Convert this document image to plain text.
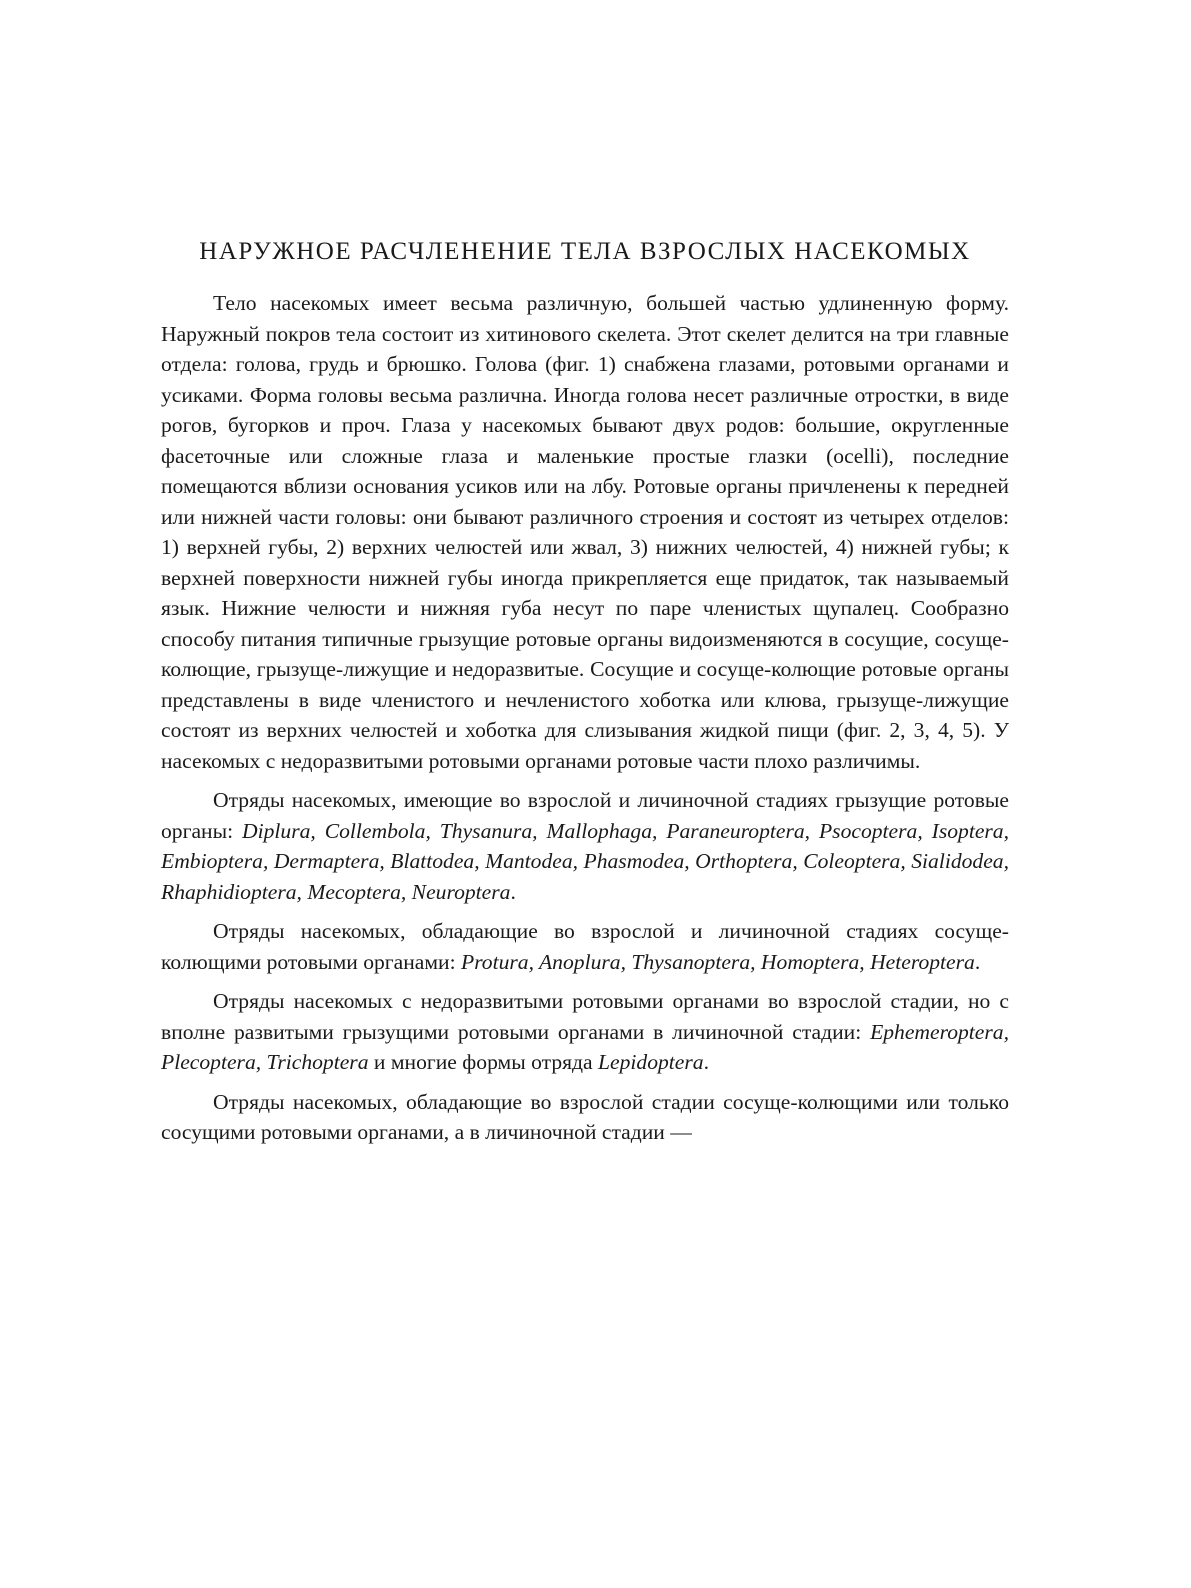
НАРУЖНОЕ РАСЧЛЕНЕНИЕ ТЕЛА ВЗРОСЛЫХ НАСЕКОМЫХ

Тело насекомых имеет весьма различную, большей частью удлиненную форму. Наружный покров тела состоит из хитинового скелета. Этот скелет делится на три главные отдела: голова, грудь и брюшко. Голова (фиг. 1) снабжена глазами, ротовыми органами и усиками. Форма головы весьма различна. Иногда голова несет различные отростки, в виде рогов, бугорков и проч. Глаза у насекомых бывают двух родов: большие, округленные фасеточные или сложные глаза и маленькие простые глазки (ocelli), последние помещаются вблизи основания усиков или на лбу. Ротовые органы причленены к передней или нижней части головы: они бывают различного строения и состоят из четырех отделов: 1) верхней губы, 2) верхних челюстей или жвал, 3) нижних челюстей, 4) нижней губы; к верхней поверхности нижней губы иногда прикрепляется еще придаток, так называемый язык. Нижние челюсти и нижняя губа несут по паре членистых щупалец. Сообразно способу питания типичные грызущие ротовые органы видоизменяются в сосущие, сосуще-колющие, грызуще-лижущие и недоразвитые. Сосущие и сосуще-колющие ротовые органы представлены в виде членистого и нечленистого хоботка или клюва, грызуще-лижущие состоят из верхних челюстей и хоботка для слизывания жидкой пищи (фиг. 2, 3, 4, 5). У насекомых с недоразвитыми ротовыми органами ротовые части плохо различимы.

Отряды насекомых, имеющие во взрослой и личиночной стадиях грызущие ротовые органы: Diplura, Collembola, Thysanura, Mallophaga, Paraneuroptera, Psocoptera, Isoptera, Embioptera, Dermaptera, Blattodea, Mantodea, Phasmodea, Orthoptera, Coleoptera, Sialidodea, Rhaphidioptera, Mecoptera, Neuroptera.

Отряды насекомых, обладающие во взрослой и личиночной стадиях сосуще-колющими ротовыми органами: Protura, Anoplura, Thysanoptera, Homoptera, Heteroptera.

Отряды насекомых с недоразвитыми ротовыми органами во взрослой стадии, но с вполне развитыми грызущими ротовыми органами в личиночной стадии: Ephemeroptera, Plecoptera, Trichoptera и многие формы отряда Lepidoptera.

Отряды насекомых, обладающие во взрослой стадии сосуще-колющими или только сосущими ротовыми органами, а в личиночной стадии —
